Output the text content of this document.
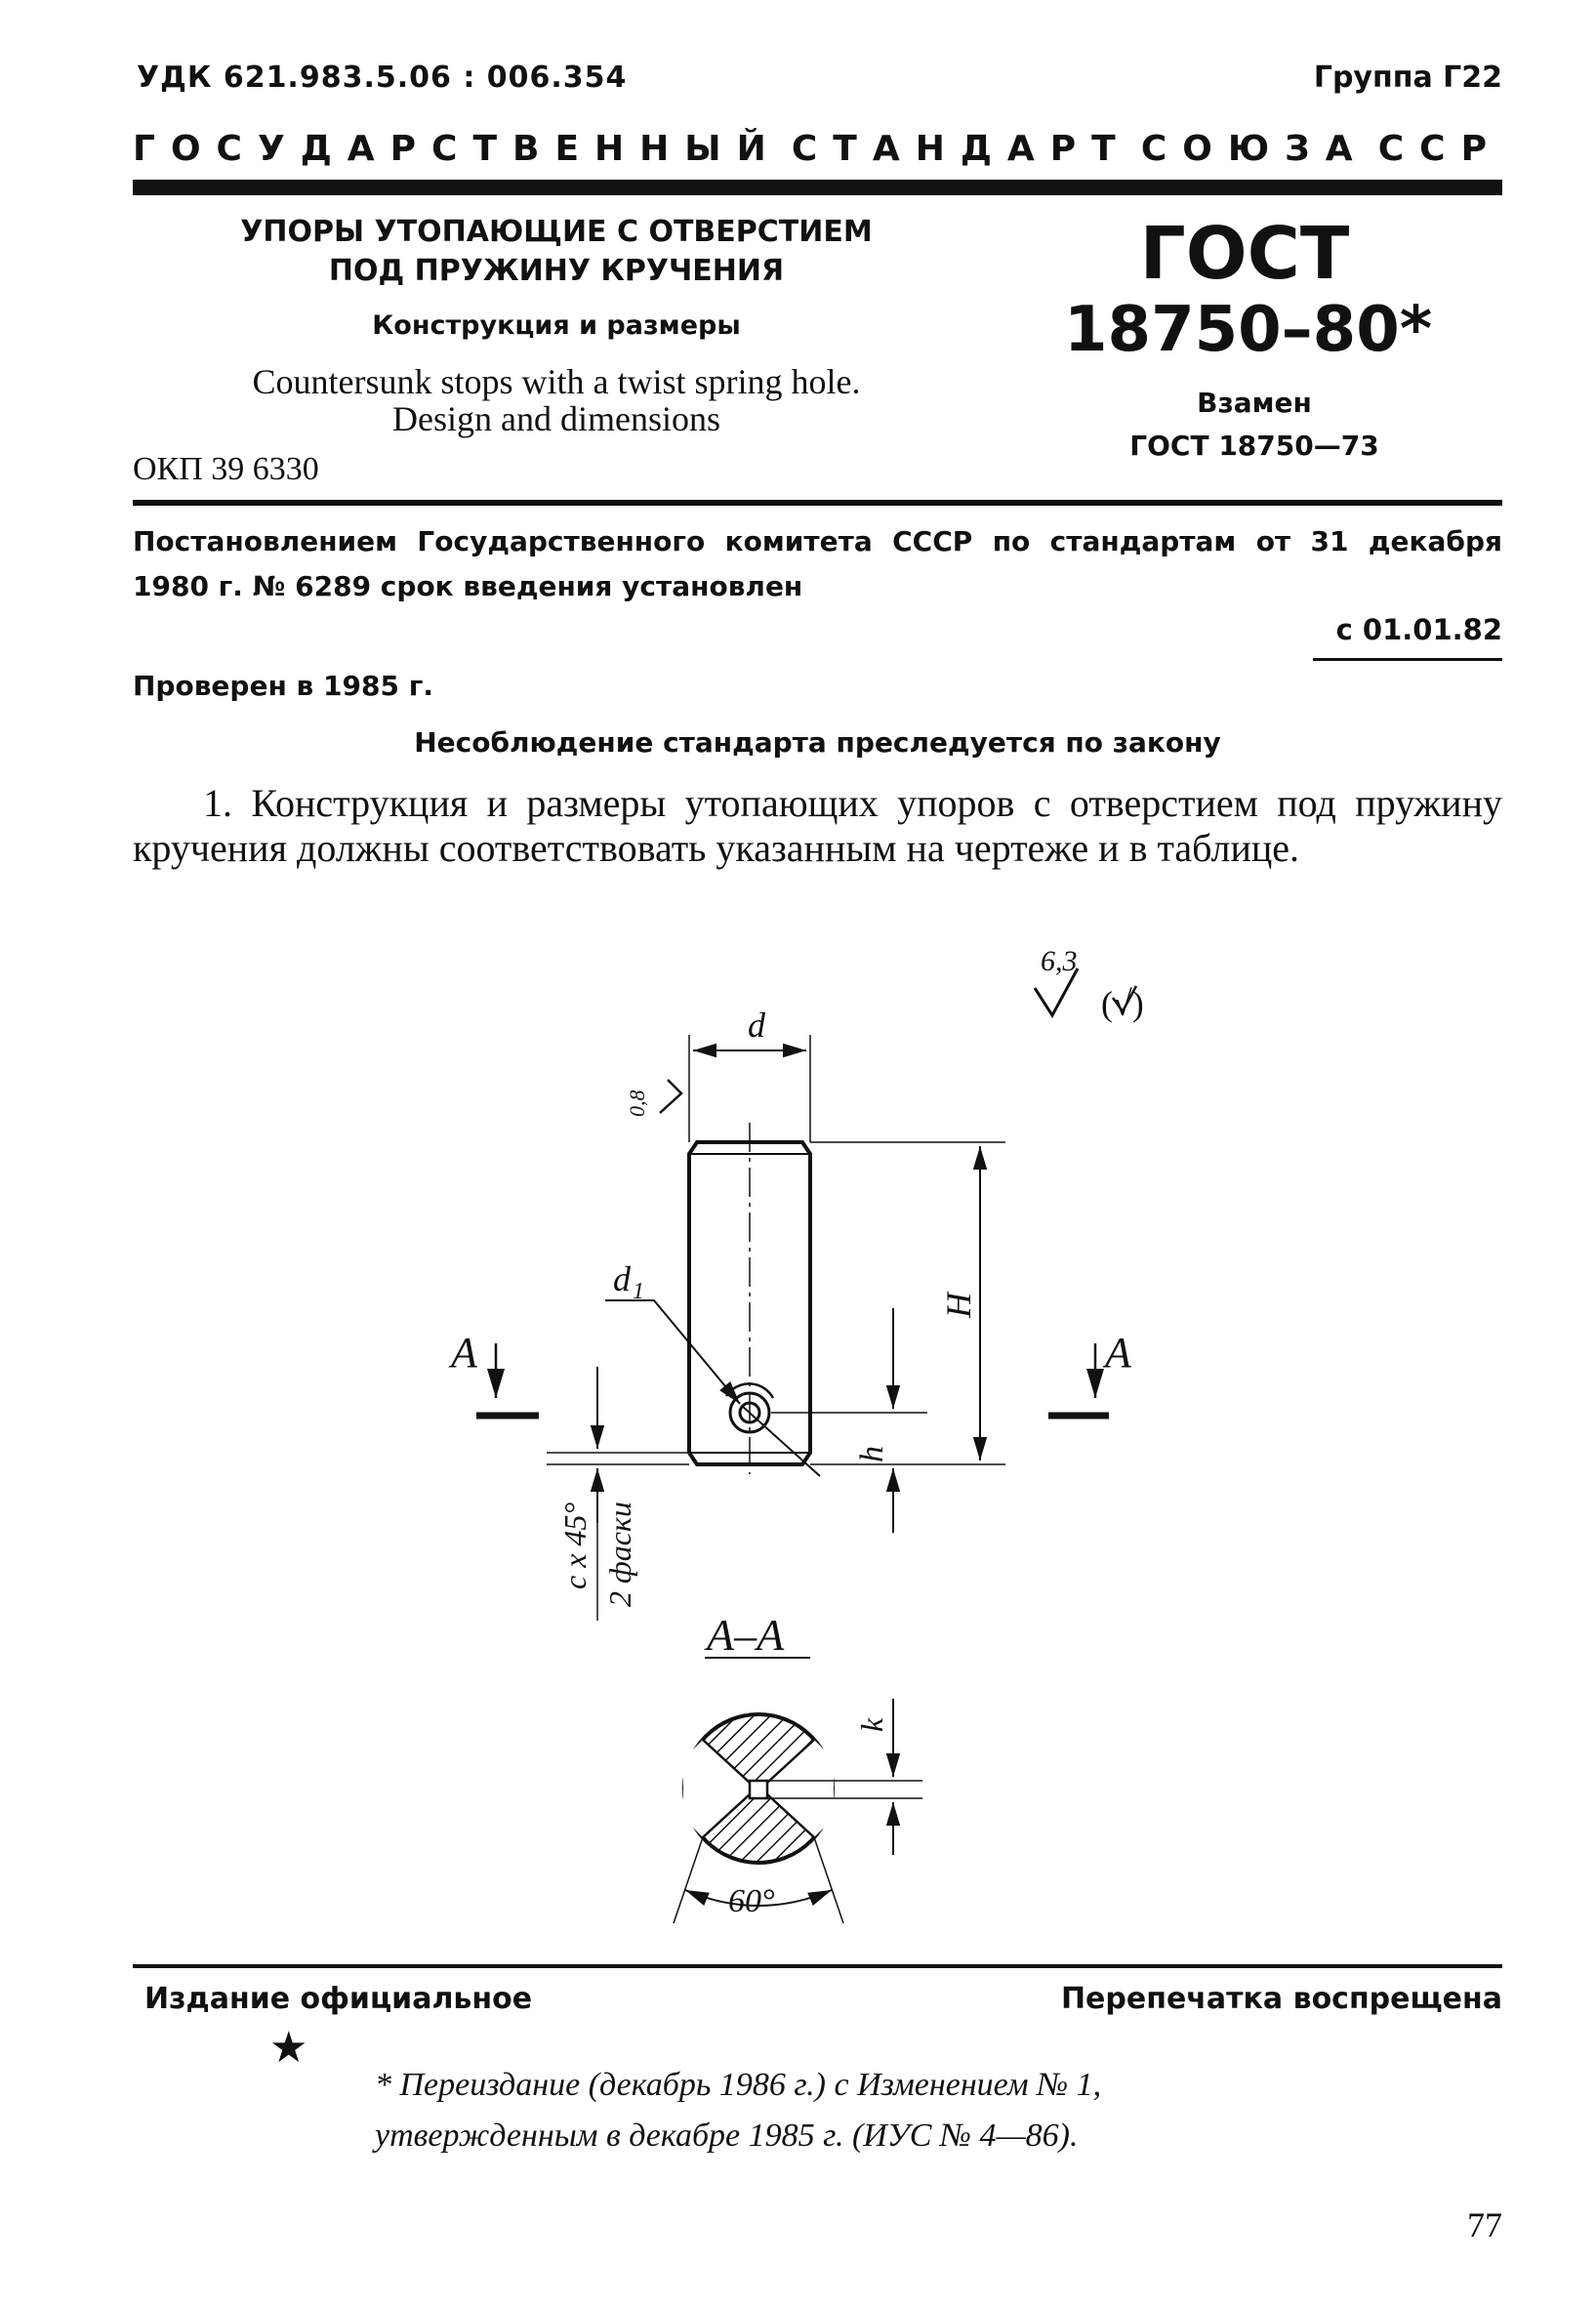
УДК 621.983.5.06 : 006.354	Группа Г22
ГОСУДАРСТВЕННЫЙ СТАНДАРТ СОЮЗА ССР
УПОРЫ УТОПАЮЩИЕ С ОТВЕРСТИЕМ
ПОД ПРУЖИНУ КРУЧЕНИЯ
Конструкция и размеры
Countersunk stops with a twist spring hole.
Design and dimensions
ОКП 39 6330
ГОСТ
18750–80*
Взамен
ГОСТ 18750—73
Постановлением Государственного комитета СССР по стандартам от 31 декабря 1980 г. № 6289 срок введения установлен
с 01.01.82
Проверен в 1985 г.
Несоблюдение стандарта преследуется по закону
1. Конструкция и размеры утопающих упоров с отверстием под пружину кручения должны соответствовать указанным на чертеже и в таблице.
6,3
(√)
d
0,8
d 1
H
h
A	A
c x 45° 2 фаски
A–A
k
60°
Издание официальное	Перепечатка воспрещена
★
* Переиздание (декабрь 1986 г.) с Изменением № 1,
утвержденным в декабре 1985 г. (ИУС № 4—86).
77
